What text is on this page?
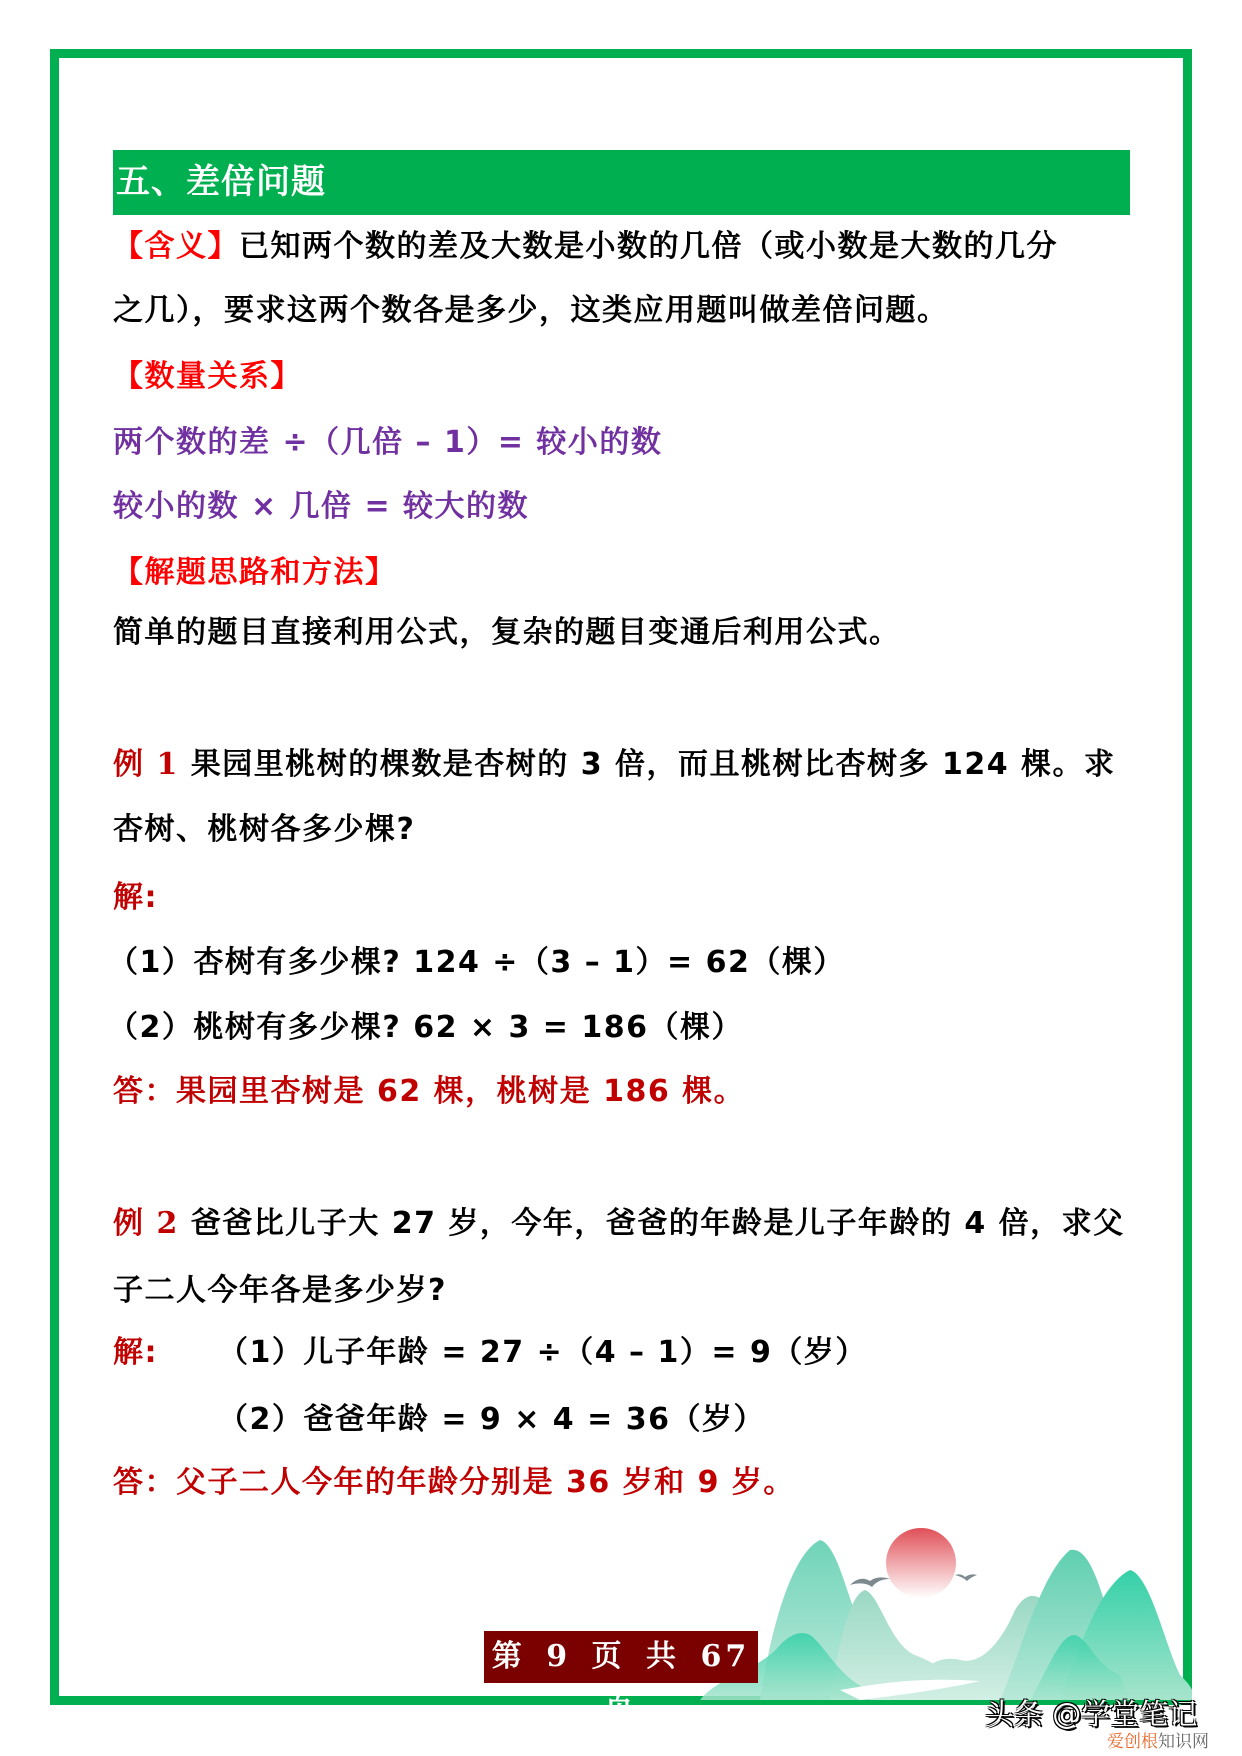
五、差倍问题
【含义】已知两个数的差及大数是小数的几倍（或小数是大数的几分
之几），要求这两个数各是多少，这类应用题叫做差倍问题。
【数量关系】
两个数的差 ÷（几倍 – 1）= 较小的数
较小的数 × 几倍 = 较大的数
【解题思路和方法】
简单的题目直接利用公式，复杂的题目变通后利用公式。
例 1 果园里桃树的棵数是杏树的 3 倍，而且桃树比杏树多 124 棵。求
杏树、桃树各多少棵?
解:
（1）杏树有多少棵? 124 ÷（3 – 1）= 62（棵）
（2）桃树有多少棵? 62 × 3 = 186（棵）
答：果园里杏树是 62 棵，桃树是 186 棵。
例 2 爸爸比儿子大 27 岁，今年，爸爸的年龄是儿子年龄的 4 倍，求父
子二人今年各是多少岁?
解: （1）儿子年龄 = 27 ÷（4 – 1）= 9（岁）
（2）爸爸年龄 = 9 × 4 = 36（岁）
答：父子二人今年的年龄分别是 36 岁和 9 岁。
第 9 页 共 67 页	头条 @学堂笔记
爱创根知识网
